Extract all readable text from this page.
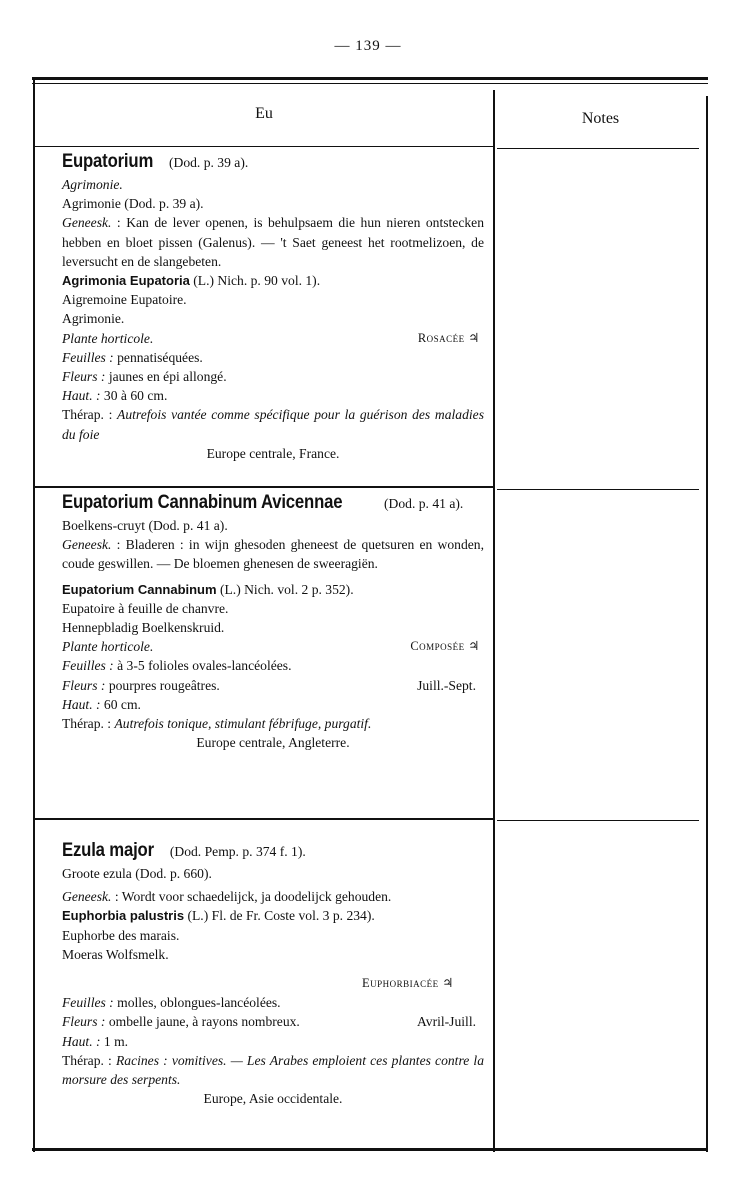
— 139 —
Eu	Notes
Eupatorium (Dod. p. 39 a).
Agrimonie.
Agrimonie (Dod. p. 39 a).
Geneesk. : Kan de lever openen, is behulpsaem die hun nieren ontstecken hebben en bloet pissen (Galenus). — 't Saet geneest het rootmelizoen, de leversucht en de slangebeten.
Agrimonia Eupatoria (L.) Nich. p. 90 vol. 1).
Aigremoine Eupatoire.
Agrimonie.
Plante horticole.	Rosacée ♃
Feuilles : pennatiséquées.
Fleurs : jaunes en épi allongé.
Haut. : 30 à 60 cm.
Thérap. : Autrefois vantée comme spécifique pour la guérison des maladies du foie
Europe centrale, France.
Eupatorium Cannabinum Avicennae	(Dod. p. 41 a).
Boelkens-cruyt (Dod. p. 41 a).
Geneesk. : Bladeren : in wijn ghesoden gheneest de quetsuren en wonden, coude geswillen. — De bloemen ghenesen de sweeragiën.
Eupatorium Cannabinum (L.) Nich. vol. 2 p. 352).
Eupatoire à feuille de chanvre.
Hennepbladig Boelkenskruid.
Plante horticole.	Composée ♃
Feuilles : à 3-5 folioles ovales-lancéolées.
Fleurs : pourpres rougeâtres.	Juill.-Sept.
Haut. : 60 cm.
Thérap. : Autrefois tonique, stimulant fébrifuge, purgatif.
Europe centrale, Angleterre.
Ezula major (Dod. Pemp. p. 374 f. 1).
Groote ezula (Dod. p. 660).
Geneesk. : Wordt voor schaedelijck, ja doodelijck gehouden.
Euphorbia palustris (L.) Fl. de Fr. Coste vol. 3 p. 234).
Euphorbe des marais.
Moeras Wolfsmelk.
Euphorbiacée ♃
Feuilles : molles, oblongues-lancéolées.
Fleurs : ombelle jaune, à rayons nombreux.	Avril-Juill.
Haut. : 1 m.
Thérap. : Racines : vomitives. — Les Arabes emploient ces plantes contre la morsure des serpents.
Europe, Asie occidentale.
